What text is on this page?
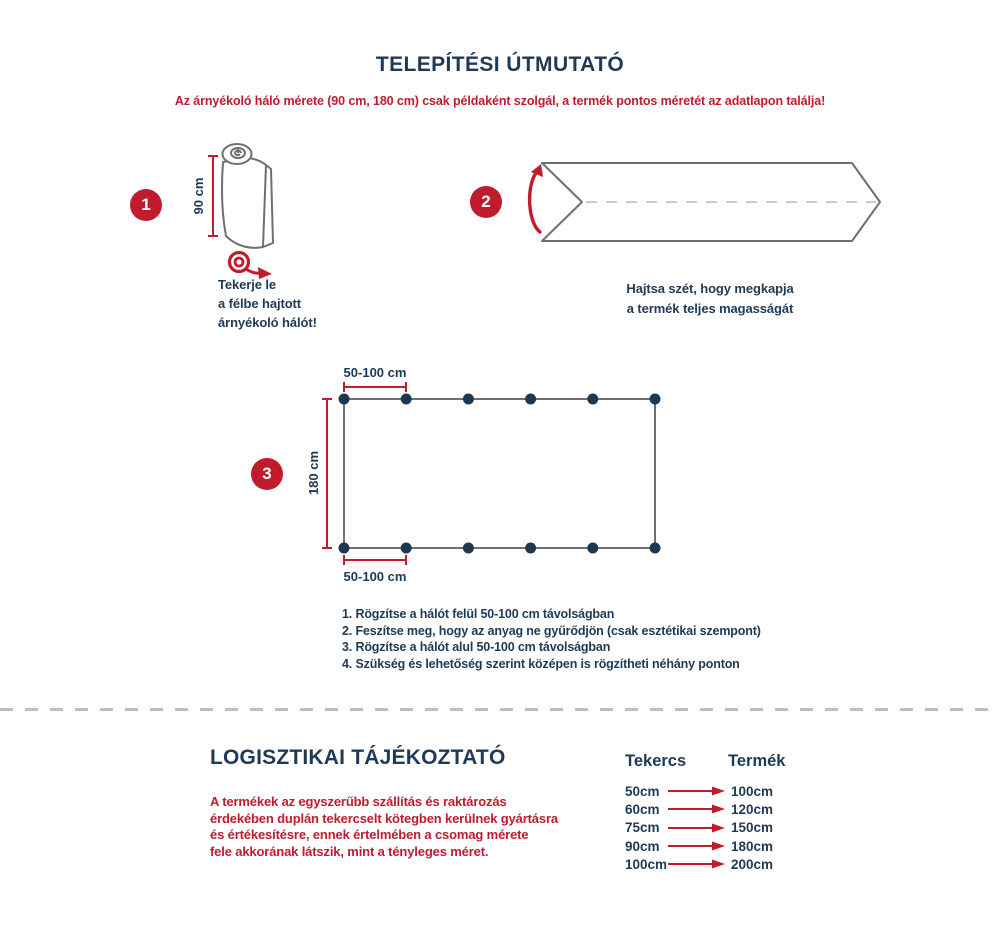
TELEPÍTÉSI ÚTMUTATÓ
Az árnyékoló háló mérete (90 cm, 180 cm) csak példaként szolgál, a termék pontos méretét az adatlapon találja!
1	90 cm
Tekerje le
a félbe hajtott
árnyékoló hálót!
2
Hajtsa szét, hogy megkapja
a termék teljes magasságát
3
50-100 cm
180 cm
50-100 cm
1. Rögzítse a hálót felül 50-100 cm távolságban
2. Feszítse meg, hogy az anyag ne gyűrődjön (csak esztétikai szempont)
3. Rögzítse a hálót alul 50-100 cm távolságban
4. Szükség és lehetőség szerint középen is rögzítheti néhány ponton
LOGISZTIKAI TÁJÉKOZTATÓ
A termékek az egyszerűbb szállítás és raktározás
érdekében duplán tekercselt kötegben kerülnek gyártásra
és értékesítésre, ennek értelmében a csomag mérete
fele akkorának látszik, mint a tényleges méret.
Tekercs	Termék
50cm	100cm
60cm	120cm
75cm	150cm
90cm	180cm
100cm	200cm
